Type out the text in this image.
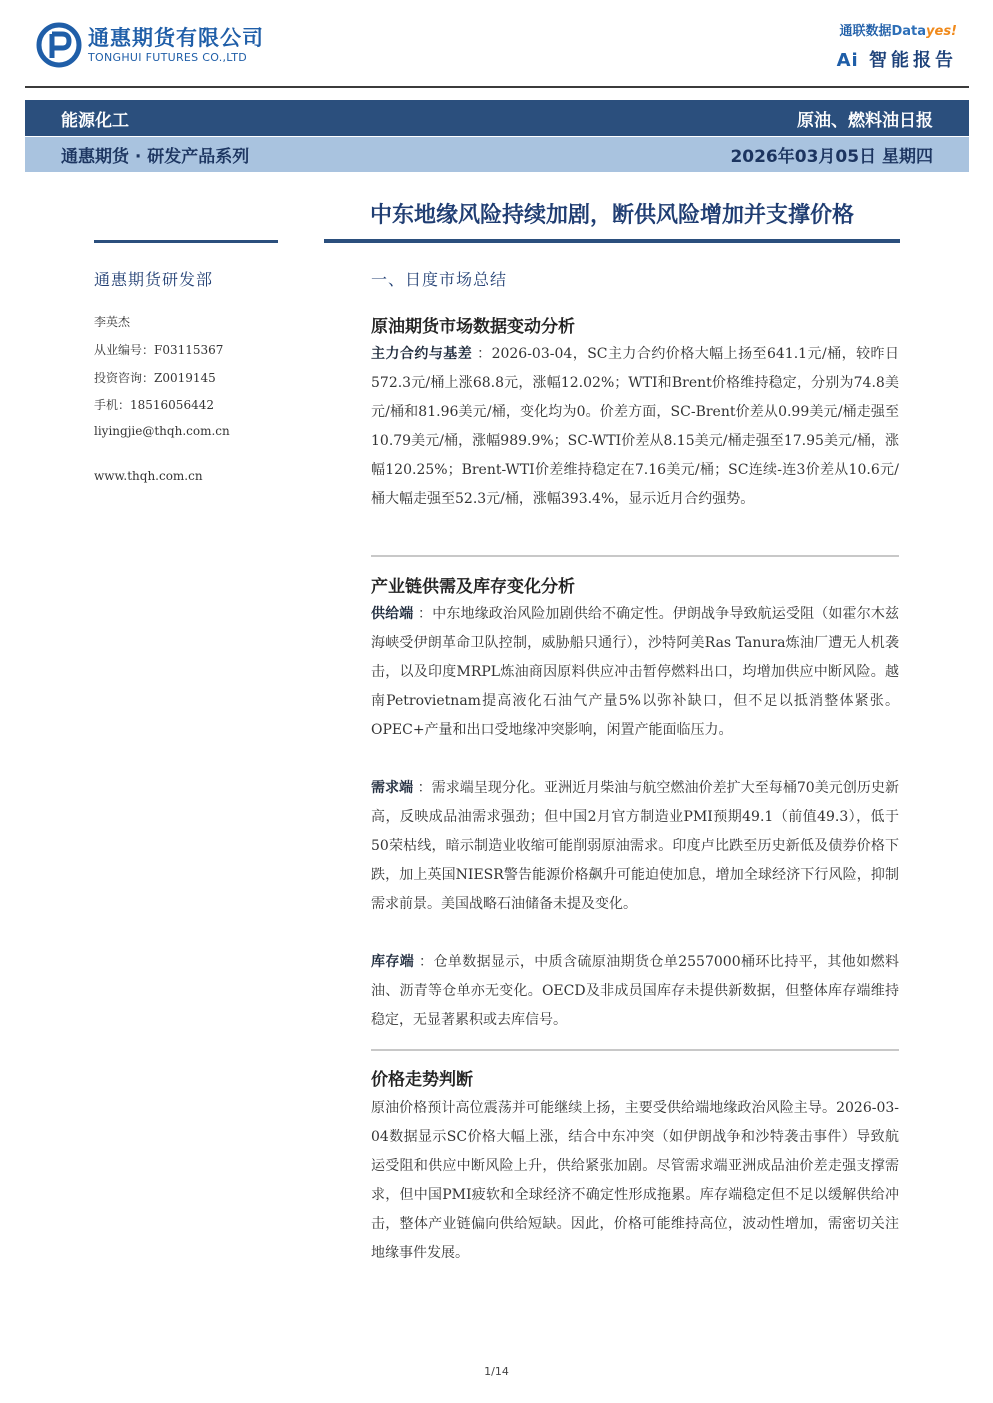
通惠期货有限公司
TONGHUI FUTURES CO.,LTD
通联数据Datayes!
Ai 智能报告
能源化工	原油、燃料油日报
通惠期货 · 研发产品系列	2026年03月05日 星期四
中东地缘风险持续加剧，断供风险增加并支撑价格
通惠期货研发部
李英杰
从业编号：F03115367
投资咨询：Z0019145
手机：18516056442
liyingjie@thqh.com.cn
www.thqh.com.cn
一、日度市场总结
原油期货市场数据变动分析
主力合约与基差 ：2026-03-04，SC主力合约价格大幅上扬至641.1元/桶，较昨日572.3元/桶上涨68.8元，涨幅12.02%；WTI和Brent价格维持稳定，分别为74.8美元/桶和81.96美元/桶，变化均为0。价差方面，SC-Brent价差从0.99美元/桶走强至10.79美元/桶，涨幅989.9%；SC-WTI价差从8.15美元/桶走强至17.95美元/桶，涨幅120.25%；Brent-WTI价差维持稳定在7.16美元/桶；SC连续-连3价差从10.6元/桶大幅走强至52.3元/桶，涨幅393.4%，显示近月合约强势。
产业链供需及库存变化分析
供给端 ：中东地缘政治风险加剧供给不确定性。伊朗战争导致航运受阻（如霍尔木兹海峡受伊朗革命卫队控制，威胁船只通行），沙特阿美Ras Tanura炼油厂遭无人机袭击，以及印度MRPL炼油商因原料供应冲击暂停燃料出口，均增加供应中断风险。越南Petrovietnam提高液化石油气产量5%以弥补缺口，但不足以抵消整体紧张。OPEC+产量和出口受地缘冲突影响，闲置产能面临压力。
需求端 ：需求端呈现分化。亚洲近月柴油与航空燃油价差扩大至每桶70美元创历史新高，反映成品油需求强劲；但中国2月官方制造业PMI预期49.1（前值49.3），低于50荣枯线，暗示制造业收缩可能削弱原油需求。印度卢比跌至历史新低及债券价格下跌，加上英国NIESR警告能源价格飙升可能迫使加息，增加全球经济下行风险，抑制需求前景。美国战略石油储备未提及变化。
库存端 ：仓单数据显示，中质含硫原油期货仓单2557000桶环比持平，其他如燃料油、沥青等仓单亦无变化。OECD及非成员国库存未提供新数据，但整体库存端维持稳定，无显著累积或去库信号。
价格走势判断
原油价格预计高位震荡并可能继续上扬，主要受供给端地缘政治风险主导。2026-03-04数据显示SC价格大幅上涨，结合中东冲突（如伊朗战争和沙特袭击事件）导致航运受阻和供应中断风险上升，供给紧张加剧。尽管需求端亚洲成品油价差走强支撑需求，但中国PMI疲软和全球经济不确定性形成拖累。库存端稳定但不足以缓解供给冲击，整体产业链偏向供给短缺。因此，价格可能维持高位，波动性增加，需密切关注地缘事件发展。
1/14
